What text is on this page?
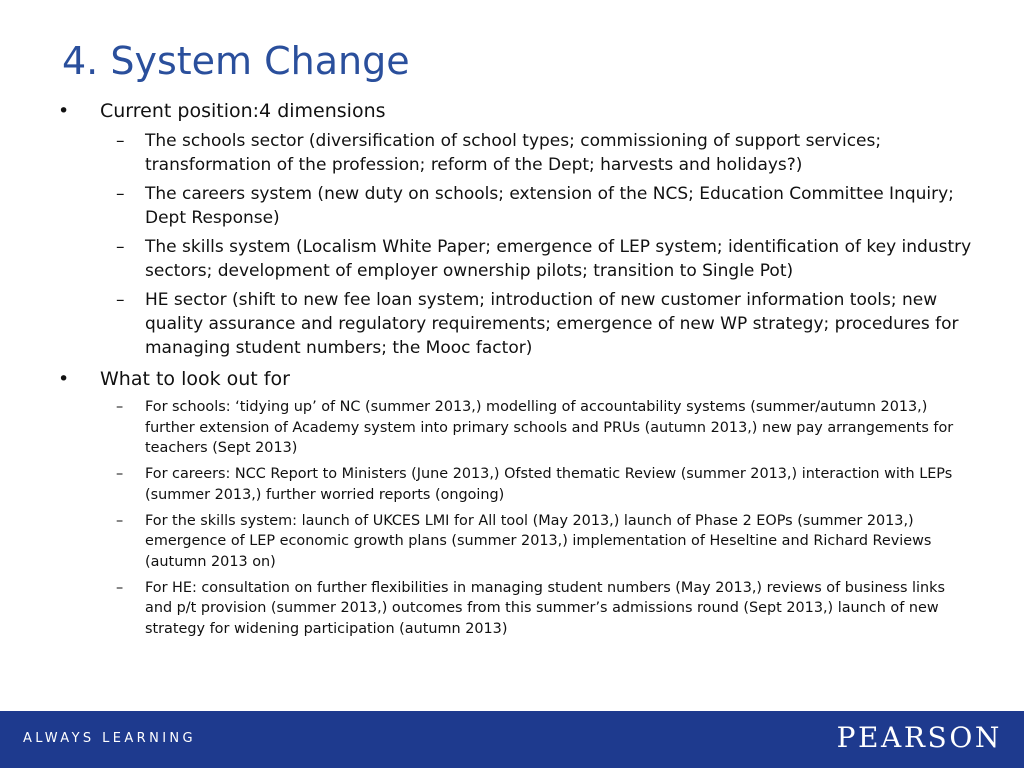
4. System Change
• Current position:4 dimensions
– The schools sector (diversification of school types; commissioning of support services; transformation of the profession; reform of the Dept; harvests and holidays?)
– The careers system (new duty on schools; extension of the NCS; Education Committee Inquiry; Dept Response)
– The skills system (Localism White Paper; emergence of LEP system; identification of key industry sectors; development of employer ownership pilots; transition to Single Pot)
– HE sector (shift to new fee loan system; introduction of new customer information tools; new quality assurance and regulatory requirements; emergence of new WP strategy; procedures for managing student numbers; the Mooc factor)
• What to look out for
– For schools: ‘tidying up’ of NC (summer 2013,) modelling of accountability systems (summer/autumn 2013,) further extension of Academy system into primary schools and PRUs (autumn 2013,) new pay arrangements for teachers (Sept 2013)
– For careers: NCC Report to Ministers (June 2013,) Ofsted thematic Review (summer 2013,) interaction with LEPs (summer 2013,) further worried reports (ongoing)
– For the skills system: launch of UKCES LMI for All tool (May 2013,) launch of Phase 2 EOPs (summer 2013,) emergence of LEP economic growth plans (summer 2013,) implementation of Heseltine and Richard Reviews (autumn 2013 on)
– For HE: consultation on further flexibilities in managing student numbers (May 2013,) reviews of business links and p/t provision (summer 2013,) outcomes from this summer’s admissions round (Sept 2013,) launch of new strategy for widening participation (autumn 2013)
ALWAYS LEARNING	PEARSON
